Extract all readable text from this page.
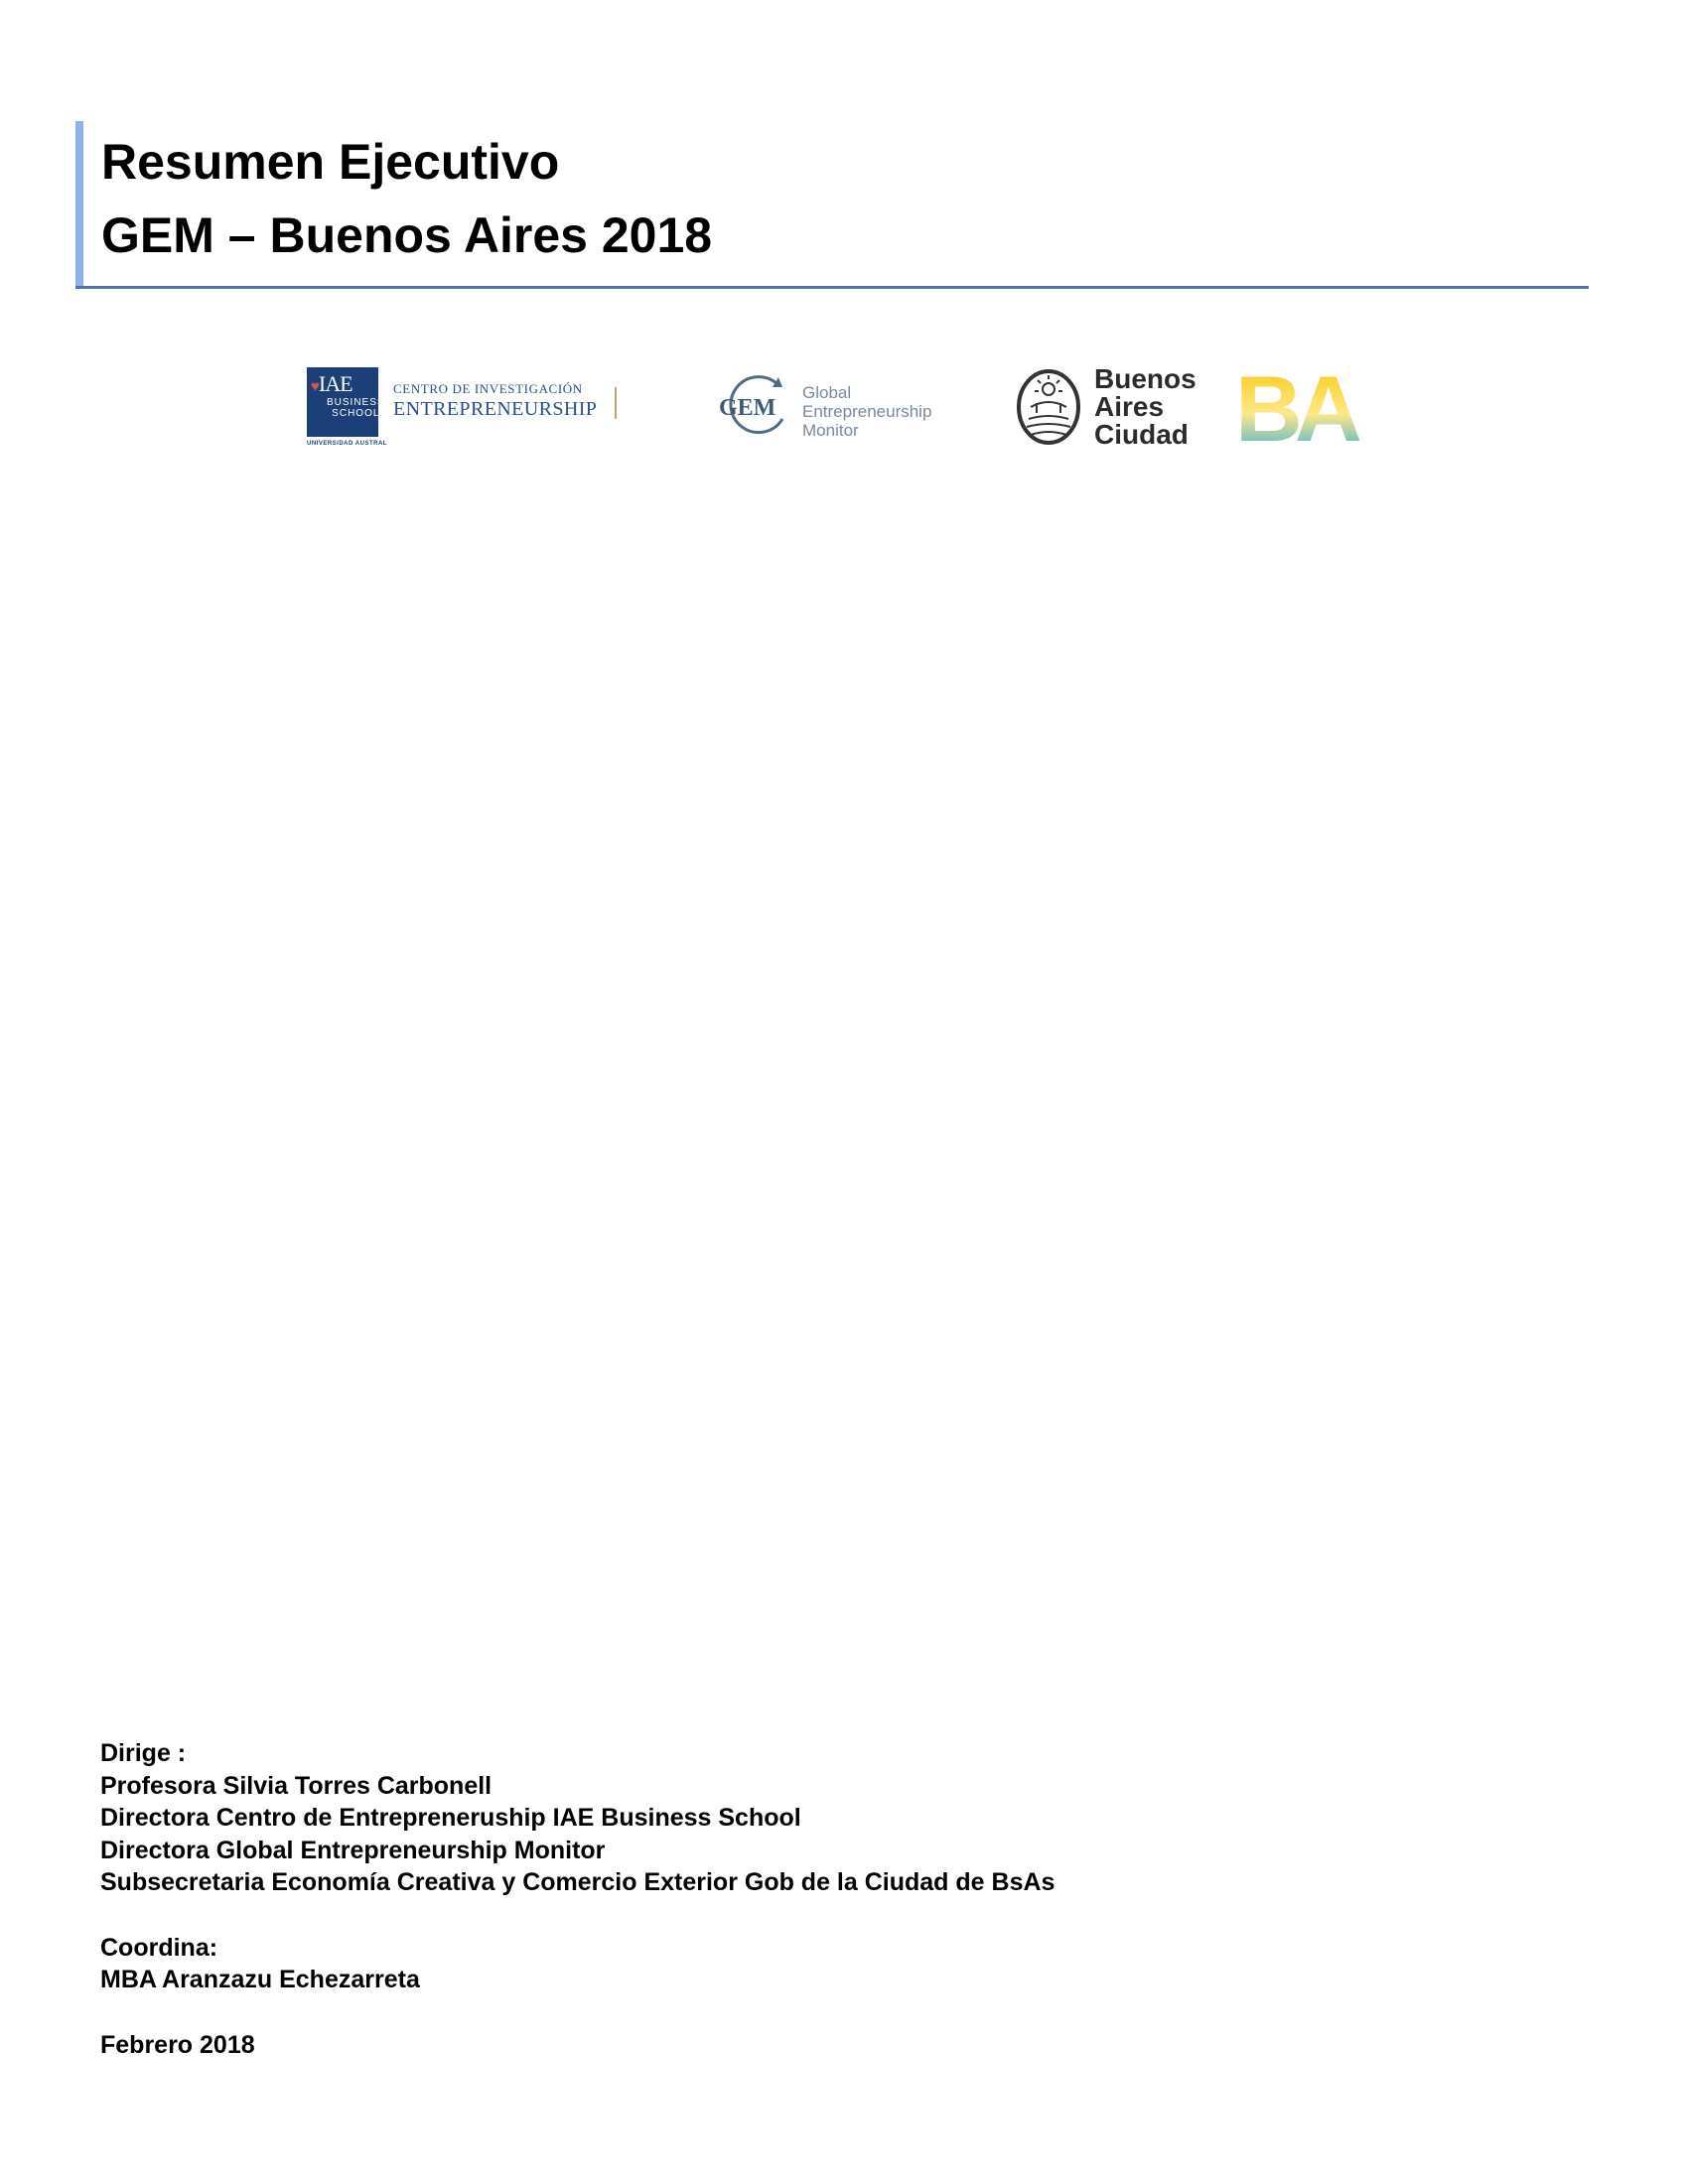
Resumen Ejecutivo
GEM – Buenos Aires 2018
♥IAE
BUSINESS
SCHOOL
UNIVERSIDAD AUSTRAL
CENTRO DE INVESTIGACIÓN
ENTREPRENEURSHIP	GEM
Global
Entrepreneurship
Monitor
Buenos
Aires
Ciudad BA
Dirige :
Profesora Silvia Torres Carbonell
Directora Centro de Entreprenеruship IAE Business School
Directora Global Entrepreneurship Monitor
Subsecretaria Economía Creativa y Comercio Exterior Gob de la Ciudad de BsAs
Coordina:
MBA Aranzazu Echezarreta
Febrero 2018
